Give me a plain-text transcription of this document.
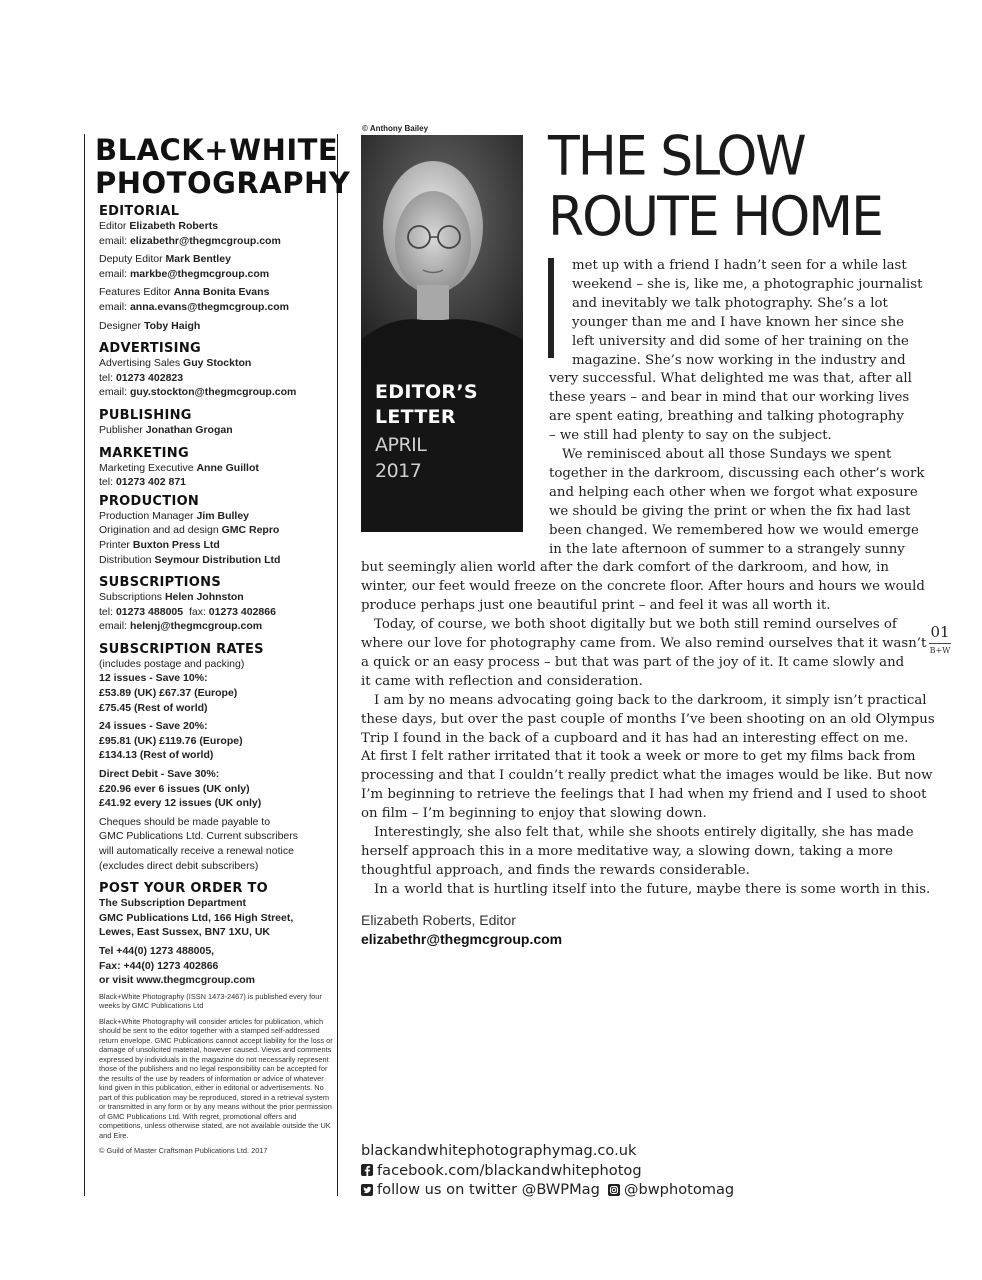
BLACK+WHITE
PHOTOGRAPHY
EDITORIAL
Editor Elizabeth Roberts
email: elizabethr@thegmcgroup.com
Deputy Editor Mark Bentley
email: markbe@thegmcgroup.com
Features Editor Anna Bonita Evans
email: anna.evans@thegmcgroup.com
Designer Toby Haigh
ADVERTISING
Advertising Sales Guy Stockton
tel: 01273 402823
email: guy.stockton@thegmcgroup.com
PUBLISHING
Publisher Jonathan Grogan
MARKETING
Marketing Executive Anne Guillot
tel: 01273 402 871
PRODUCTION
Production Manager Jim Bulley
Origination and ad design GMC Repro
Printer Buxton Press Ltd
Distribution Seymour Distribution Ltd
SUBSCRIPTIONS
Subscriptions Helen Johnston
tel: 01273 488005 fax: 01273 402866
email: helenj@thegmcgroup.com
SUBSCRIPTION RATES
(includes postage and packing)
12 issues - Save 10%:
£53.89 (UK) £67.37 (Europe)
£75.45 (Rest of world)
24 issues - Save 20%:
£95.81 (UK) £119.76 (Europe)
£134.13 (Rest of world)
Direct Debit - Save 30%:
£20.96 ever 6 issues (UK only)
£41.92 every 12 issues (UK only)
Cheques should be made payable to
GMC Publications Ltd. Current subscribers
will automatically receive a renewal notice
(excludes direct debit subscribers)
POST YOUR ORDER TO
The Subscription Department
GMC Publications Ltd, 166 High Street,
Lewes, East Sussex, BN7 1XU, UK
Tel +44(0) 1273 488005,
Fax: +44(0) 1273 402866
or visit www.thegmcgroup.com
Black+White Photography (ISSN 1473-2467) is published every four weeks by GMC Publications Ltd
Black+White Photography will consider articles for publication, which should be sent to the editor together with a stamped self-addressed return envelope. GMC Publications cannot accept liability for the loss or damage of unsolicited material, however caused. Views and comments expressed by individuals in the magazine do not necessarily represent those of the publishers and no legal responsibility can be accepted for the results of the use by readers of information or advice of whatever kind given in this publication, either in editorial or advertisements. No part of this publication may be reproduced, stored in a retrieval system or transmitted in any form or by any means without the prior permission of GMC Publications Ltd. With regret, promotional offers and competitions, unless otherwise stated, are not available outside the UK and Eire.
© Guild of Master Craftsman Publications Ltd. 2017
© Anthony Bailey
EDITOR’S
LETTER
APRIL
2017
THE SLOW
ROUTE HOME
met up with a friend I hadn’t seen for a while last
weekend – she is, like me, a photographic journalist
and inevitably we talk photography. She’s a lot
younger than me and I have known her since she
left university and did some of her training on the
magazine. She’s now working in the industry and
very successful. What delighted me was that, after all
these years – and bear in mind that our working lives
are spent eating, breathing and talking photography
– we still had plenty to say on the subject.
We reminisced about all those Sundays we spent
together in the darkroom, discussing each other’s work
and helping each other when we forgot what exposure
we should be giving the print or when the fix had last
been changed. We remembered how we would emerge
in the late afternoon of summer to a strangely sunny
but seemingly alien world after the dark comfort of the darkroom, and how, in
winter, our feet would freeze on the concrete floor. After hours and hours we would
produce perhaps just one beautiful print – and feel it was all worth it.
Today, of course, we both shoot digitally but we both still remind ourselves of
where our love for photography came from. We also remind ourselves that it wasn’t
a quick or an easy process – but that was part of the joy of it. It came slowly and
it came with reflection and consideration.
I am by no means advocating going back to the darkroom, it simply isn’t practical
these days, but over the past couple of months I’ve been shooting on an old Olympus
Trip I found in the back of a cupboard and it has had an interesting effect on me.
At first I felt rather irritated that it took a week or more to get my films back from
processing and that I couldn’t really predict what the images would be like. But now
I’m beginning to retrieve the feelings that I had when my friend and I used to shoot
on film – I’m beginning to enjoy that slowing down.
Interestingly, she also felt that, while she shoots entirely digitally, she has made
herself approach this in a more meditative way, a slowing down, taking a more
thoughtful approach, and finds the rewards considerable.
In a world that is hurtling itself into the future, maybe there is some worth in this.
Elizabeth Roberts, Editor
elizabethr@thegmcgroup.com
blackandwhitephotographymag.co.uk
facebook.com/blackandwhitephotog
follow us on twitter @BWPMag @bwphotomag
01
B+W
